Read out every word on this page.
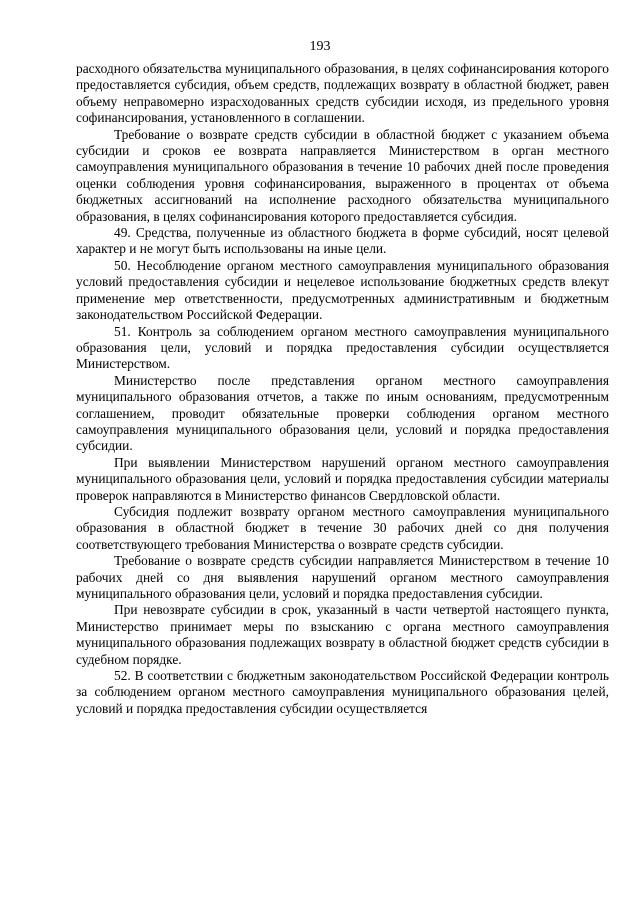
193

расходного обязательства муниципального образования, в целях софинансирования которого предоставляется субсидия, объем средств, подлежащих возврату в областной бюджет, равен объему неправомерно израсходованных средств субсидии исходя, из предельного уровня софинансирования, установленного в соглашении.

Требование о возврате средств субсидии в областной бюджет с указанием объема субсидии и сроков ее возврата направляется Министерством в орган местного самоуправления муниципального образования в течение 10 рабочих дней после проведения оценки соблюдения уровня софинансирования, выраженного в процентах от объема бюджетных ассигнований на исполнение расходного обязательства муниципального образования, в целях софинансирования которого предоставляется субсидия.

49. Средства, полученные из областного бюджета в форме субсидий, носят целевой характер и не могут быть использованы на иные цели.

50. Несоблюдение органом местного самоуправления муниципального образования условий предоставления субсидии и нецелевое использование бюджетных средств влекут применение мер ответственности, предусмотренных административным и бюджетным законодательством Российской Федерации.

51. Контроль за соблюдением органом местного самоуправления муниципального образования цели, условий и порядка предоставления субсидии осуществляется Министерством.

Министерство после представления органом местного самоуправления муниципального образования отчетов, а также по иным основаниям, предусмотренным соглашением, проводит обязательные проверки соблюдения органом местного самоуправления муниципального образования цели, условий и порядка предоставления субсидии.

При выявлении Министерством нарушений органом местного самоуправления муниципального образования цели, условий и порядка предоставления субсидии материалы проверок направляются в Министерство финансов Свердловской области.

Субсидия подлежит возврату органом местного самоуправления муниципального образования в областной бюджет в течение 30 рабочих дней со дня получения соответствующего требования Министерства о возврате средств субсидии.

Требование о возврате средств субсидии направляется Министерством в течение 10 рабочих дней со дня выявления нарушений органом местного самоуправления муниципального образования цели, условий и порядка предоставления субсидии.

При невозврате субсидии в срок, указанный в части четвертой настоящего пункта, Министерство принимает меры по взысканию с органа местного самоуправления муниципального образования подлежащих возврату в областной бюджет средств субсидии в судебном порядке.

52. В соответствии с бюджетным законодательством Российской Федерации контроль за соблюдением органом местного самоуправления муниципального образования целей, условий и порядка предоставления субсидии осуществляется
